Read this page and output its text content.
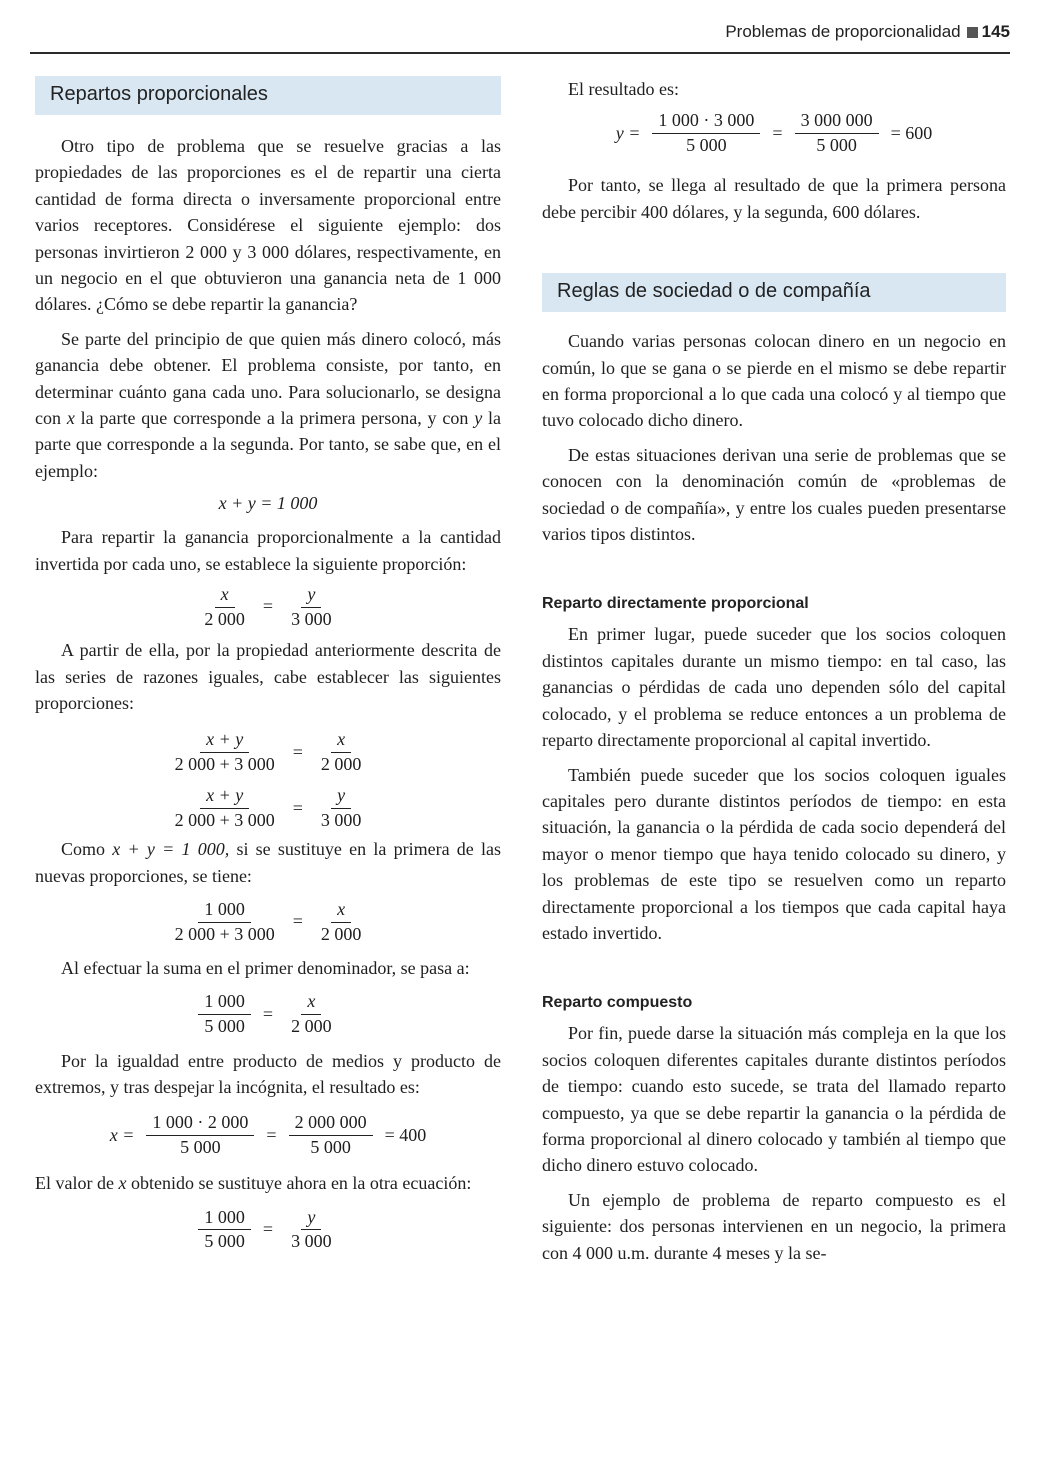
Problemas de proporcionalidad 145
Repartos proporcionales

Otro tipo de problema que se resuelve gracias a las propiedades de las proporciones es el de repartir una cierta cantidad de forma directa o inversamente proporcional entre varios receptores. Considérese el siguiente ejemplo: dos personas invirtieron 2 000 y 3 000 dólares, respectivamente, en un negocio en el que obtuvieron una ganancia neta de 1 000 dólares. ¿Cómo se debe repartir la ganancia?

Se parte del principio de que quien más dinero colocó, más ganancia debe obtener. El problema consiste, por tanto, en determinar cuánto gana cada uno. Para solucionarlo, se designa con x la parte que corresponde a la primera persona, y con y la parte que corresponde a la segunda. Por tanto, se sabe que, en el ejemplo:

x + y = 1 000

Para repartir la ganancia proporcionalmente a la cantidad invertida por cada uno, se establece la siguiente proporción:

$\frac{x}{2 000} = \frac{y}{3 000}$

A partir de ella, por la propiedad anteriormente descrita de las series de razones iguales, cabe establecer las siguientes proporciones:

$\frac{x + y}{2 000 + 3 000} = \frac{x}{2 000}$
$\frac{x + y}{2 000 + 3 000} = \frac{y}{3 000}$

Como x + y = 1 000, si se sustituye en la primera de las nuevas proporciones, se tiene:

$\frac{1 000}{2 000 + 3 000} = \frac{x}{2 000}$

Al efectuar la suma en el primer denominador, se pasa a:

$\frac{1 000}{5 000} = \frac{x}{2 000}$

Por la igualdad entre producto de medios y producto de extremos, y tras despejar la incógnita, el resultado es:

$x = \frac{1 000 \cdot 2 000}{5 000} = \frac{2 000 000}{5 000} = 400$

El valor de x obtenido se sustituye ahora en la otra ecuación:

$\frac{1 000}{5 000} = \frac{y}{3 000}$

El resultado es:

$y = \frac{1 000 \cdot 3 000}{5 000} = \frac{3 000 000}{5 000} = 600$

Por tanto, se llega al resultado de que la primera persona debe percibir 400 dólares, y la segunda, 600 dólares.

Reglas de sociedad o de compañía

Cuando varias personas colocan dinero en un negocio en común, lo que se gana o se pierde en el mismo se debe repartir en forma proporcional a lo que cada una colocó y al tiempo que tuvo colocado dicho dinero.

De estas situaciones derivan una serie de problemas que se conocen con la denominación común de «problemas de sociedad o de compañía», y entre los cuales pueden presentarse varios tipos distintos.

Reparto directamente proporcional

En primer lugar, puede suceder que los socios coloquen distintos capitales durante un mismo tiempo: en tal caso, las ganancias o pérdidas de cada uno dependen sólo del capital colocado, y el problema se reduce entonces a un problema de reparto directamente proporcional al capital invertido.

También puede suceder que los socios coloquen iguales capitales pero durante distintos períodos de tiempo: en esta situación, la ganancia o la pérdida de cada socio dependerá del mayor o menor tiempo que haya tenido colocado su dinero, y los problemas de este tipo se resuelven como un reparto directamente proporcional a los tiempos que cada capital haya estado invertido.

Reparto compuesto

Por fin, puede darse la situación más compleja en la que los socios coloquen diferentes capitales durante distintos períodos de tiempo: cuando esto sucede, se trata del llamado reparto compuesto, ya que se debe repartir la ganancia o la pérdida de forma proporcional al dinero colocado y también al tiempo que dicho dinero estuvo colocado.

Un ejemplo de problema de reparto compuesto es el siguiente: dos personas intervienen en un negocio, la primera con 4 000 u.m. durante 4 meses y la se-
